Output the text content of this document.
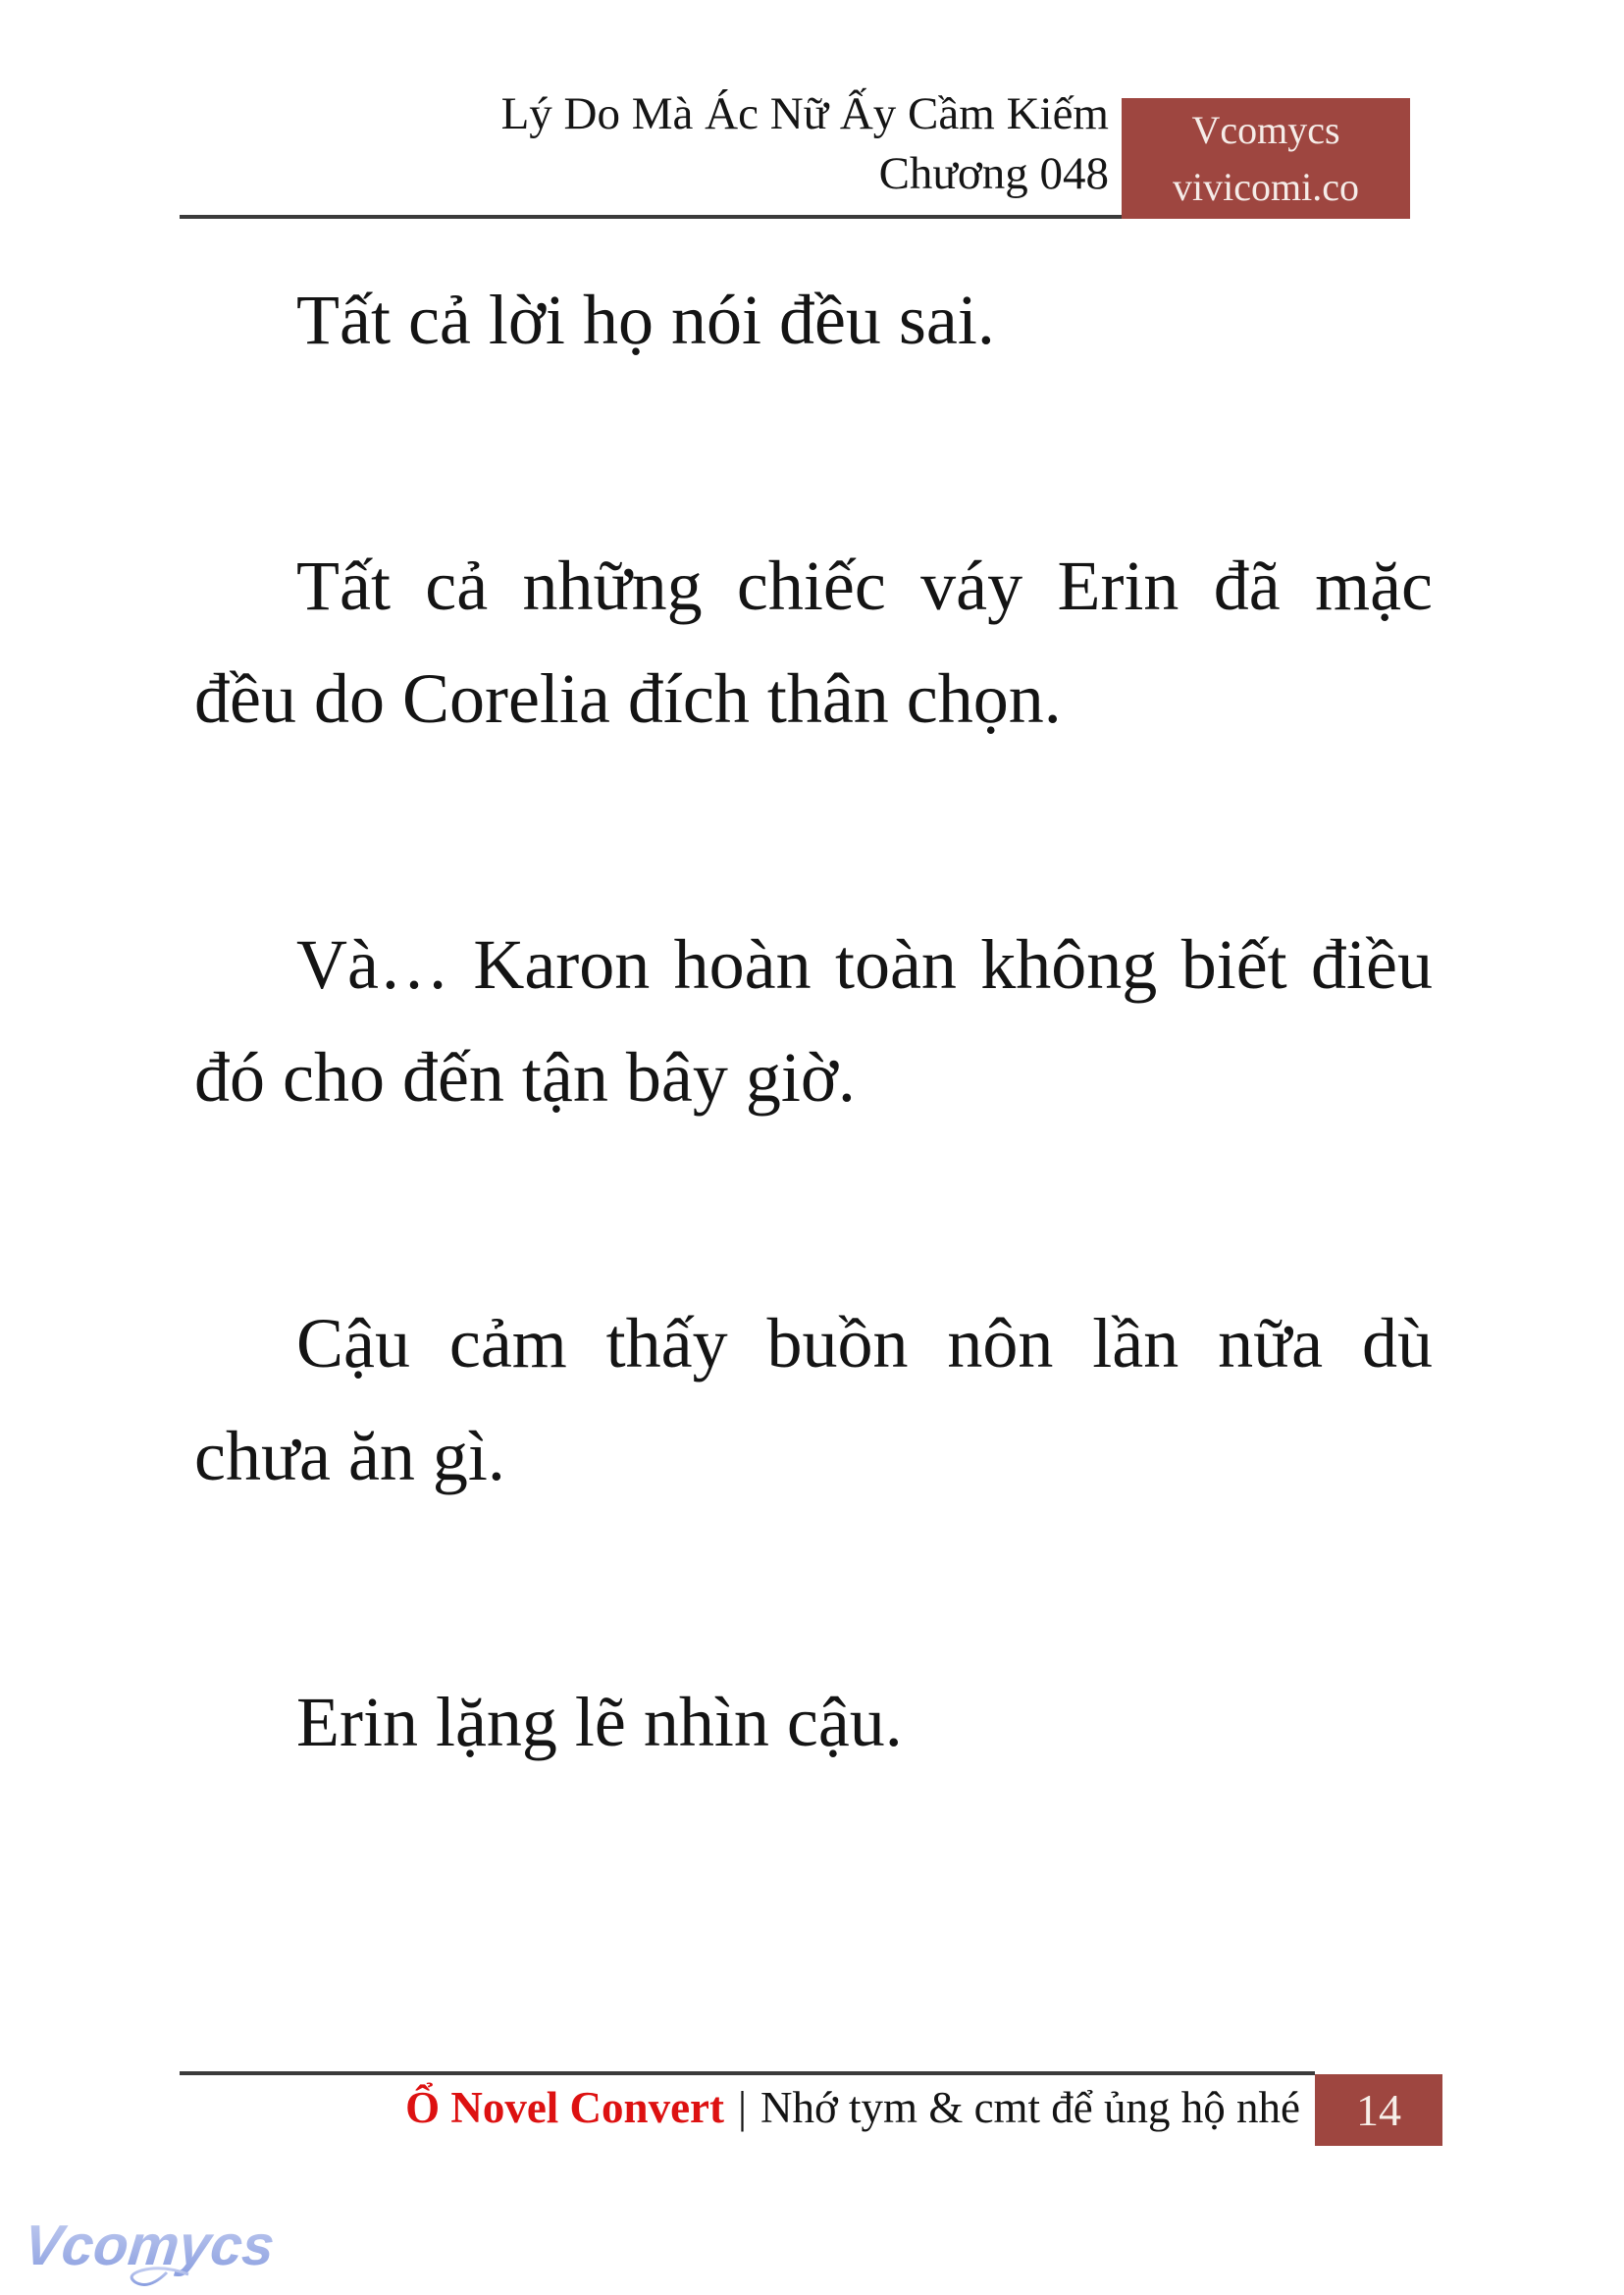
Lý Do Mà Ác Nữ Ấy Cầm Kiếm
Chương 048
Vcomycs
vivicomi.co

Tất cả lời họ nói đều sai.

Tất cả những chiếc váy Erin đã mặc đều do Corelia đích thân chọn.

Và… Karon hoàn toàn không biết điều đó cho đến tận bây giờ.

Cậu cảm thấy buồn nôn lần nữa dù chưa ăn gì.

Erin lặng lẽ nhìn cậu.

Ổ Novel Convert | Nhớ tym & cmt để ủng hộ nhé	14
Vcomycs
